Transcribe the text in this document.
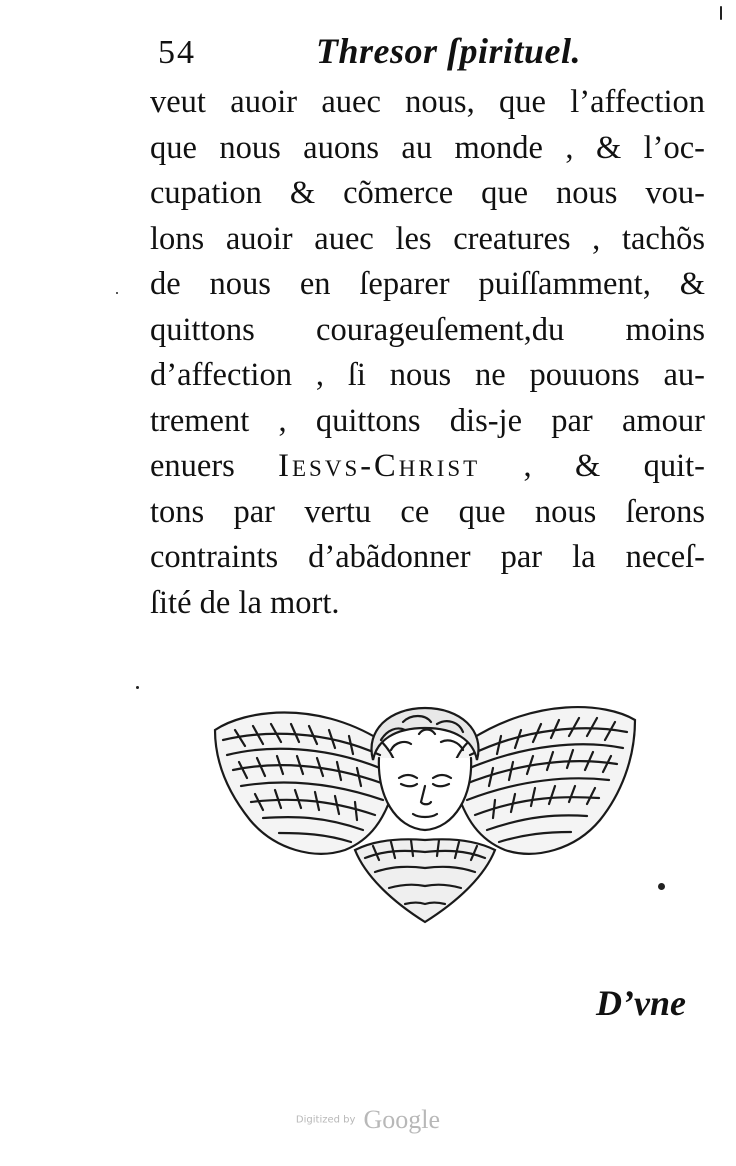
54	Thresor ſpirituel.
veut auoir auec nous, que l’affection
que nous auons au monde , & l’oc-
cupation & cõmerce que nous vou-
lons auoir auec les creatures , tachõs
de nous en ſeparer puiſſamment, &
quittons courageuſement,du moins
d’affection , ſi nous ne pouuons au-
trement , quittons dis-je par amour
enuers Iesvs-Christ , & quit-
tons par vertu ce que nous ſerons
contraints d’abãdonner par la neceſ-
ſité de la mort.
D’vne
Digitized by Google
